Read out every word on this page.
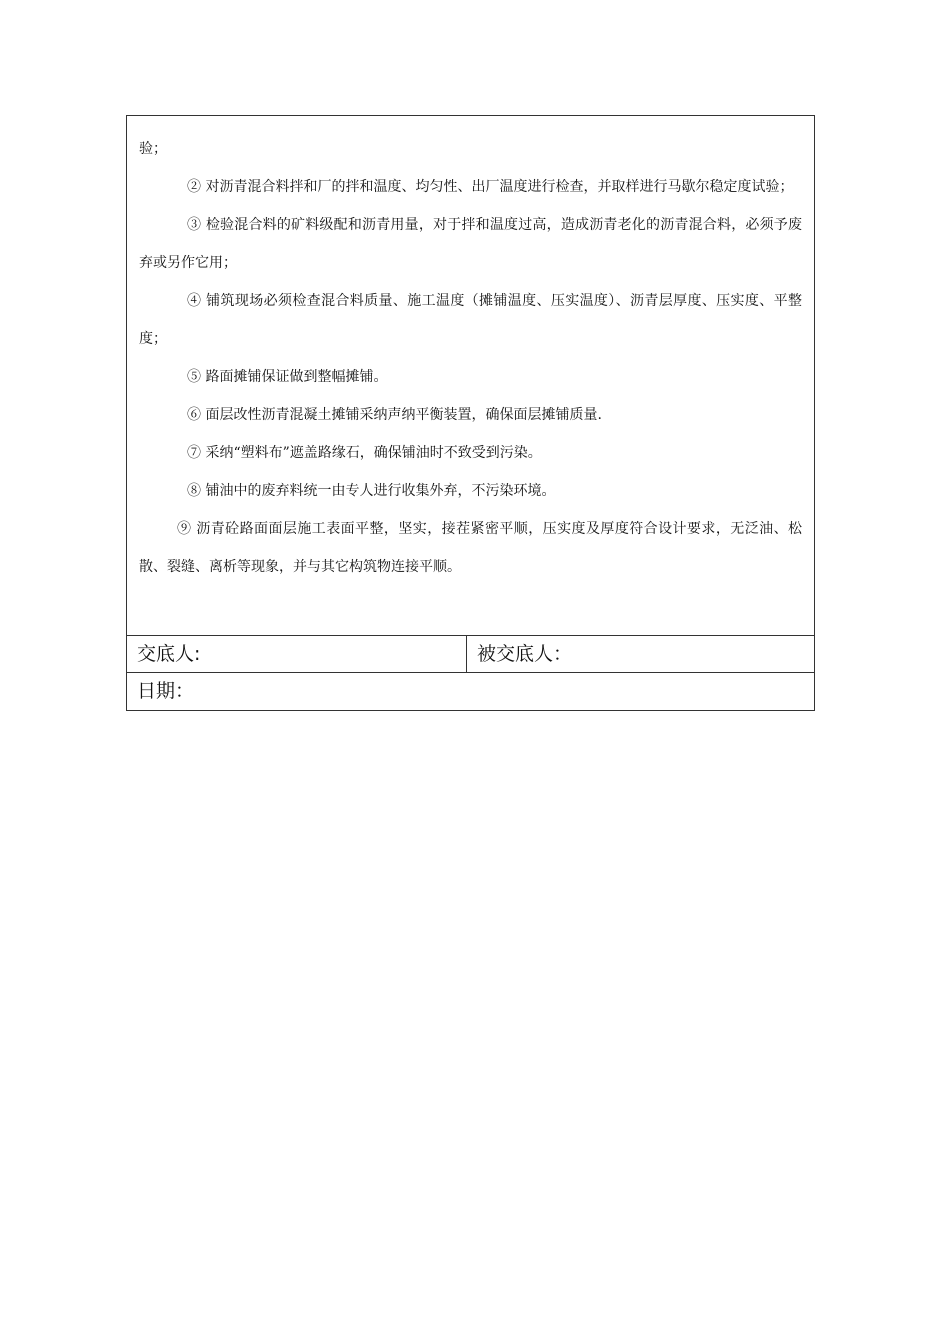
验；

② 对沥青混合料拌和厂的拌和温度、均匀性、出厂温度进行检查，并取样进行马歇尔稳定度试验；

③ 检验混合料的矿料级配和沥青用量，对于拌和温度过高，造成沥青老化的沥青混合料，必须予废弃或另作它用；

④ 铺筑现场必须检查混合料质量、施工温度（摊铺温度、压实温度）、沥青层厚度、压实度、平整度；

⑤ 路面摊铺保证做到整幅摊铺。

⑥ 面层改性沥青混凝土摊铺采纳声纳平衡装置，确保面层摊铺质量.

⑦ 采纳“塑料布”遮盖路缘石，确保铺油时不致受到污染。

⑧ 铺油中的废弃料统一由专人进行收集外弃，不污染环境。

⑨ 沥青砼路面面层施工表面平整，坚实，接茬紧密平顺，压实度及厚度符合设计要求，无泛油、松散、裂缝、离析等现象，并与其它构筑物连接平顺。

交底人:	被交底人：
日期：
